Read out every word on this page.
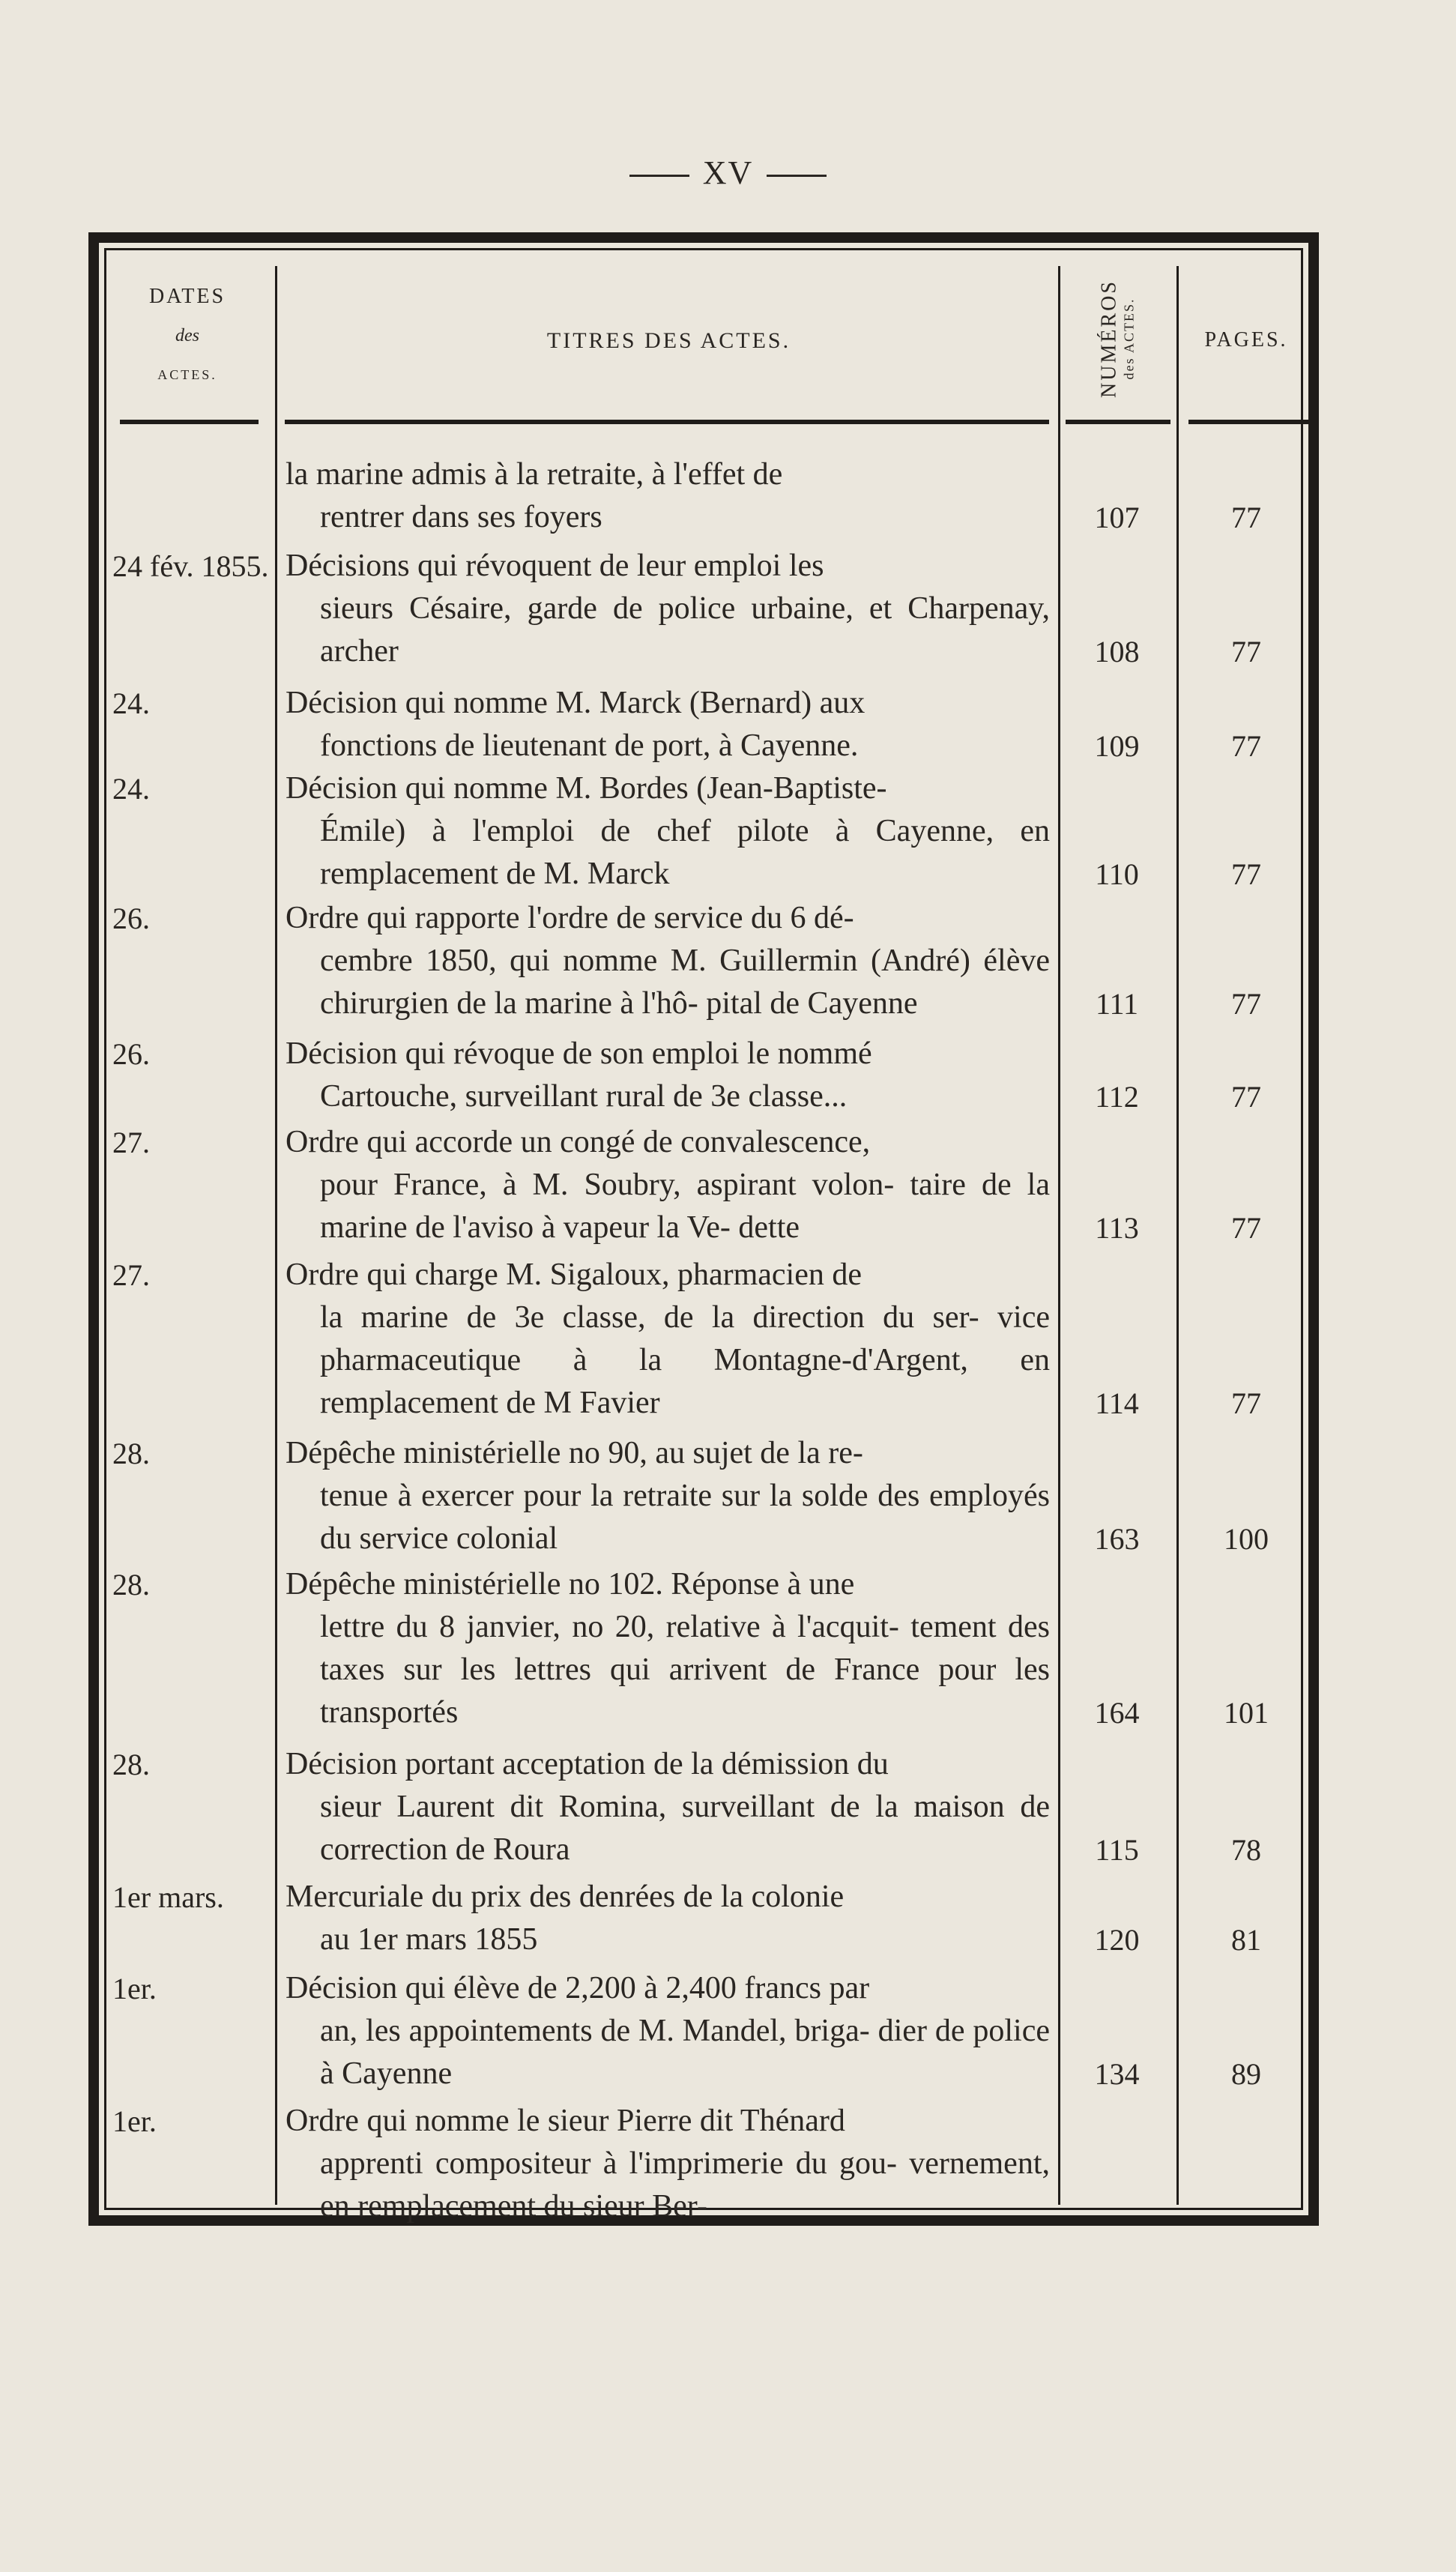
XV
DATES
des
ACTES.
TITRES DES ACTES.	NUMÉROS des ACTES.	PAGES.
la marine admis à la retraite, à l'effet de
rentrer dans ses foyers	107	77
24 fév. 1855. Décisions qui révoquent de leur emploi les
sieurs Césaire, garde de police urbaine, et Charpenay, archer	108	77
24.	Décision qui nomme M. Marck (Bernard) aux
fonctions de lieutenant de port, à Cayenne.	109	77
24.	Décision qui nomme M. Bordes (Jean-Baptiste-
Émile) à l'emploi de chef pilote à Cayenne, en remplacement de M. Marck	110	77
26.	Ordre qui rapporte l'ordre de service du 6 dé-
cembre 1850, qui nomme M. Guillermin (André) élève chirurgien de la marine à l'hô- pital de Cayenne	111	77
26.	Décision qui révoque de son emploi le nommé
Cartouche, surveillant rural de 3e classe...	112	77
27.	Ordre qui accorde un congé de convalescence,
pour France, à M. Soubry, aspirant volon- taire de la marine de l'aviso à vapeur la Ve- dette	113	77
27.	Ordre qui charge M. Sigaloux, pharmacien de
la marine de 3e classe, de la direction du ser- vice pharmaceutique à la Montagne-d'Argent, en remplacement de M Favier	114	77
28.	Dépêche ministérielle no 90, au sujet de la re-
tenue à exercer pour la retraite sur la solde des employés du service colonial	163	100
28.	Dépêche ministérielle no 102. Réponse à une
lettre du 8 janvier, no 20, relative à l'acquit- tement des taxes sur les lettres qui arrivent de France pour les transportés	164	101
28.	Décision portant acceptation de la démission du
sieur Laurent dit Romina, surveillant de la maison de correction de Roura	115	78
1er mars.	Mercuriale du prix des denrées de la colonie
au 1er mars 1855	120	81
1er.	Décision qui élève de 2,200 à 2,400 francs par
an, les appointements de M. Mandel, briga- dier de police à Cayenne	134	89
1er.	Ordre qui nomme le sieur Pierre dit Thénard
apprenti compositeur à l'imprimerie du gou- vernement, en remplacement du sieur Ber-
